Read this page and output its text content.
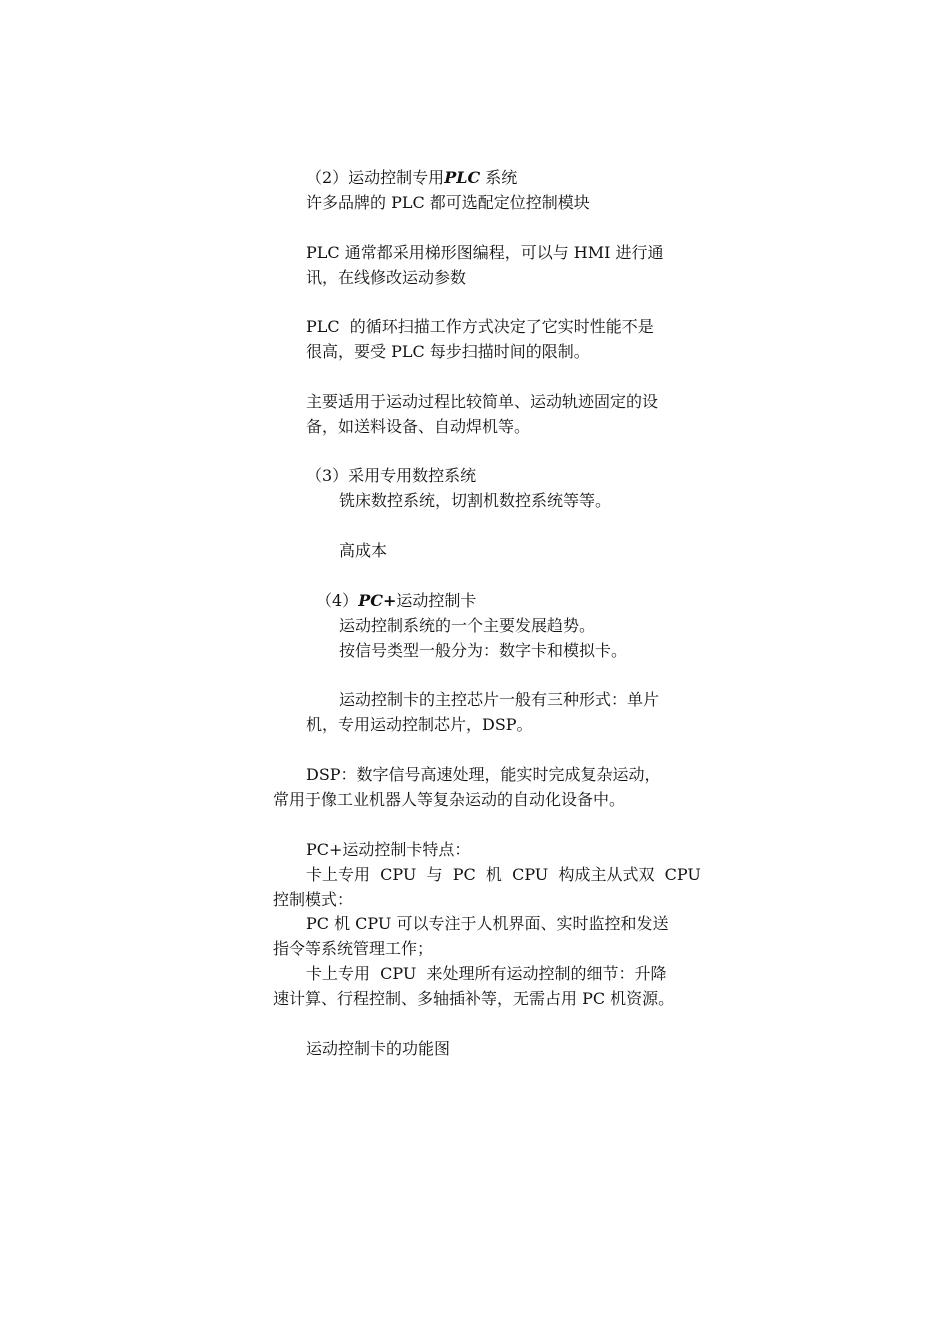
（2）运动控制专用PLC 系统
许多品牌的 PLC 都可选配定位控制模块
PLC 通常都采用梯形图编程，可以与 HMI 进行通
讯，在线修改运动参数
PLC  的循环扫描工作方式决定了它实时性能不是
很高，要受 PLC 每步扫描时间的限制。
主要适用于运动过程比较简单、运动轨迹固定的设
备，如送料设备、自动焊机等。
（3）采用专用数控系统
铣床数控系统，切割机数控系统等等。
高成本
（4）PC+运动控制卡
运动控制系统的一个主要发展趋势。
按信号类型一般分为：数字卡和模拟卡。
运动控制卡的主控芯片一般有三种形式：单片
机，专用运动控制芯片，DSP。
DSP：数字信号高速处理，能实时完成复杂运动，
常用于像工业机器人等复杂运动的自动化设备中。
PC+运动控制卡特点：
卡上专用  CPU  与  PC  机  CPU  构成主从式双  CPU
控制模式：
PC 机 CPU 可以专注于人机界面、实时监控和发送
指令等系统管理工作；
卡上专用  CPU  来处理所有运动控制的细节：升降
速计算、行程控制、多轴插补等，无需占用 PC 机资源。
运动控制卡的功能图
